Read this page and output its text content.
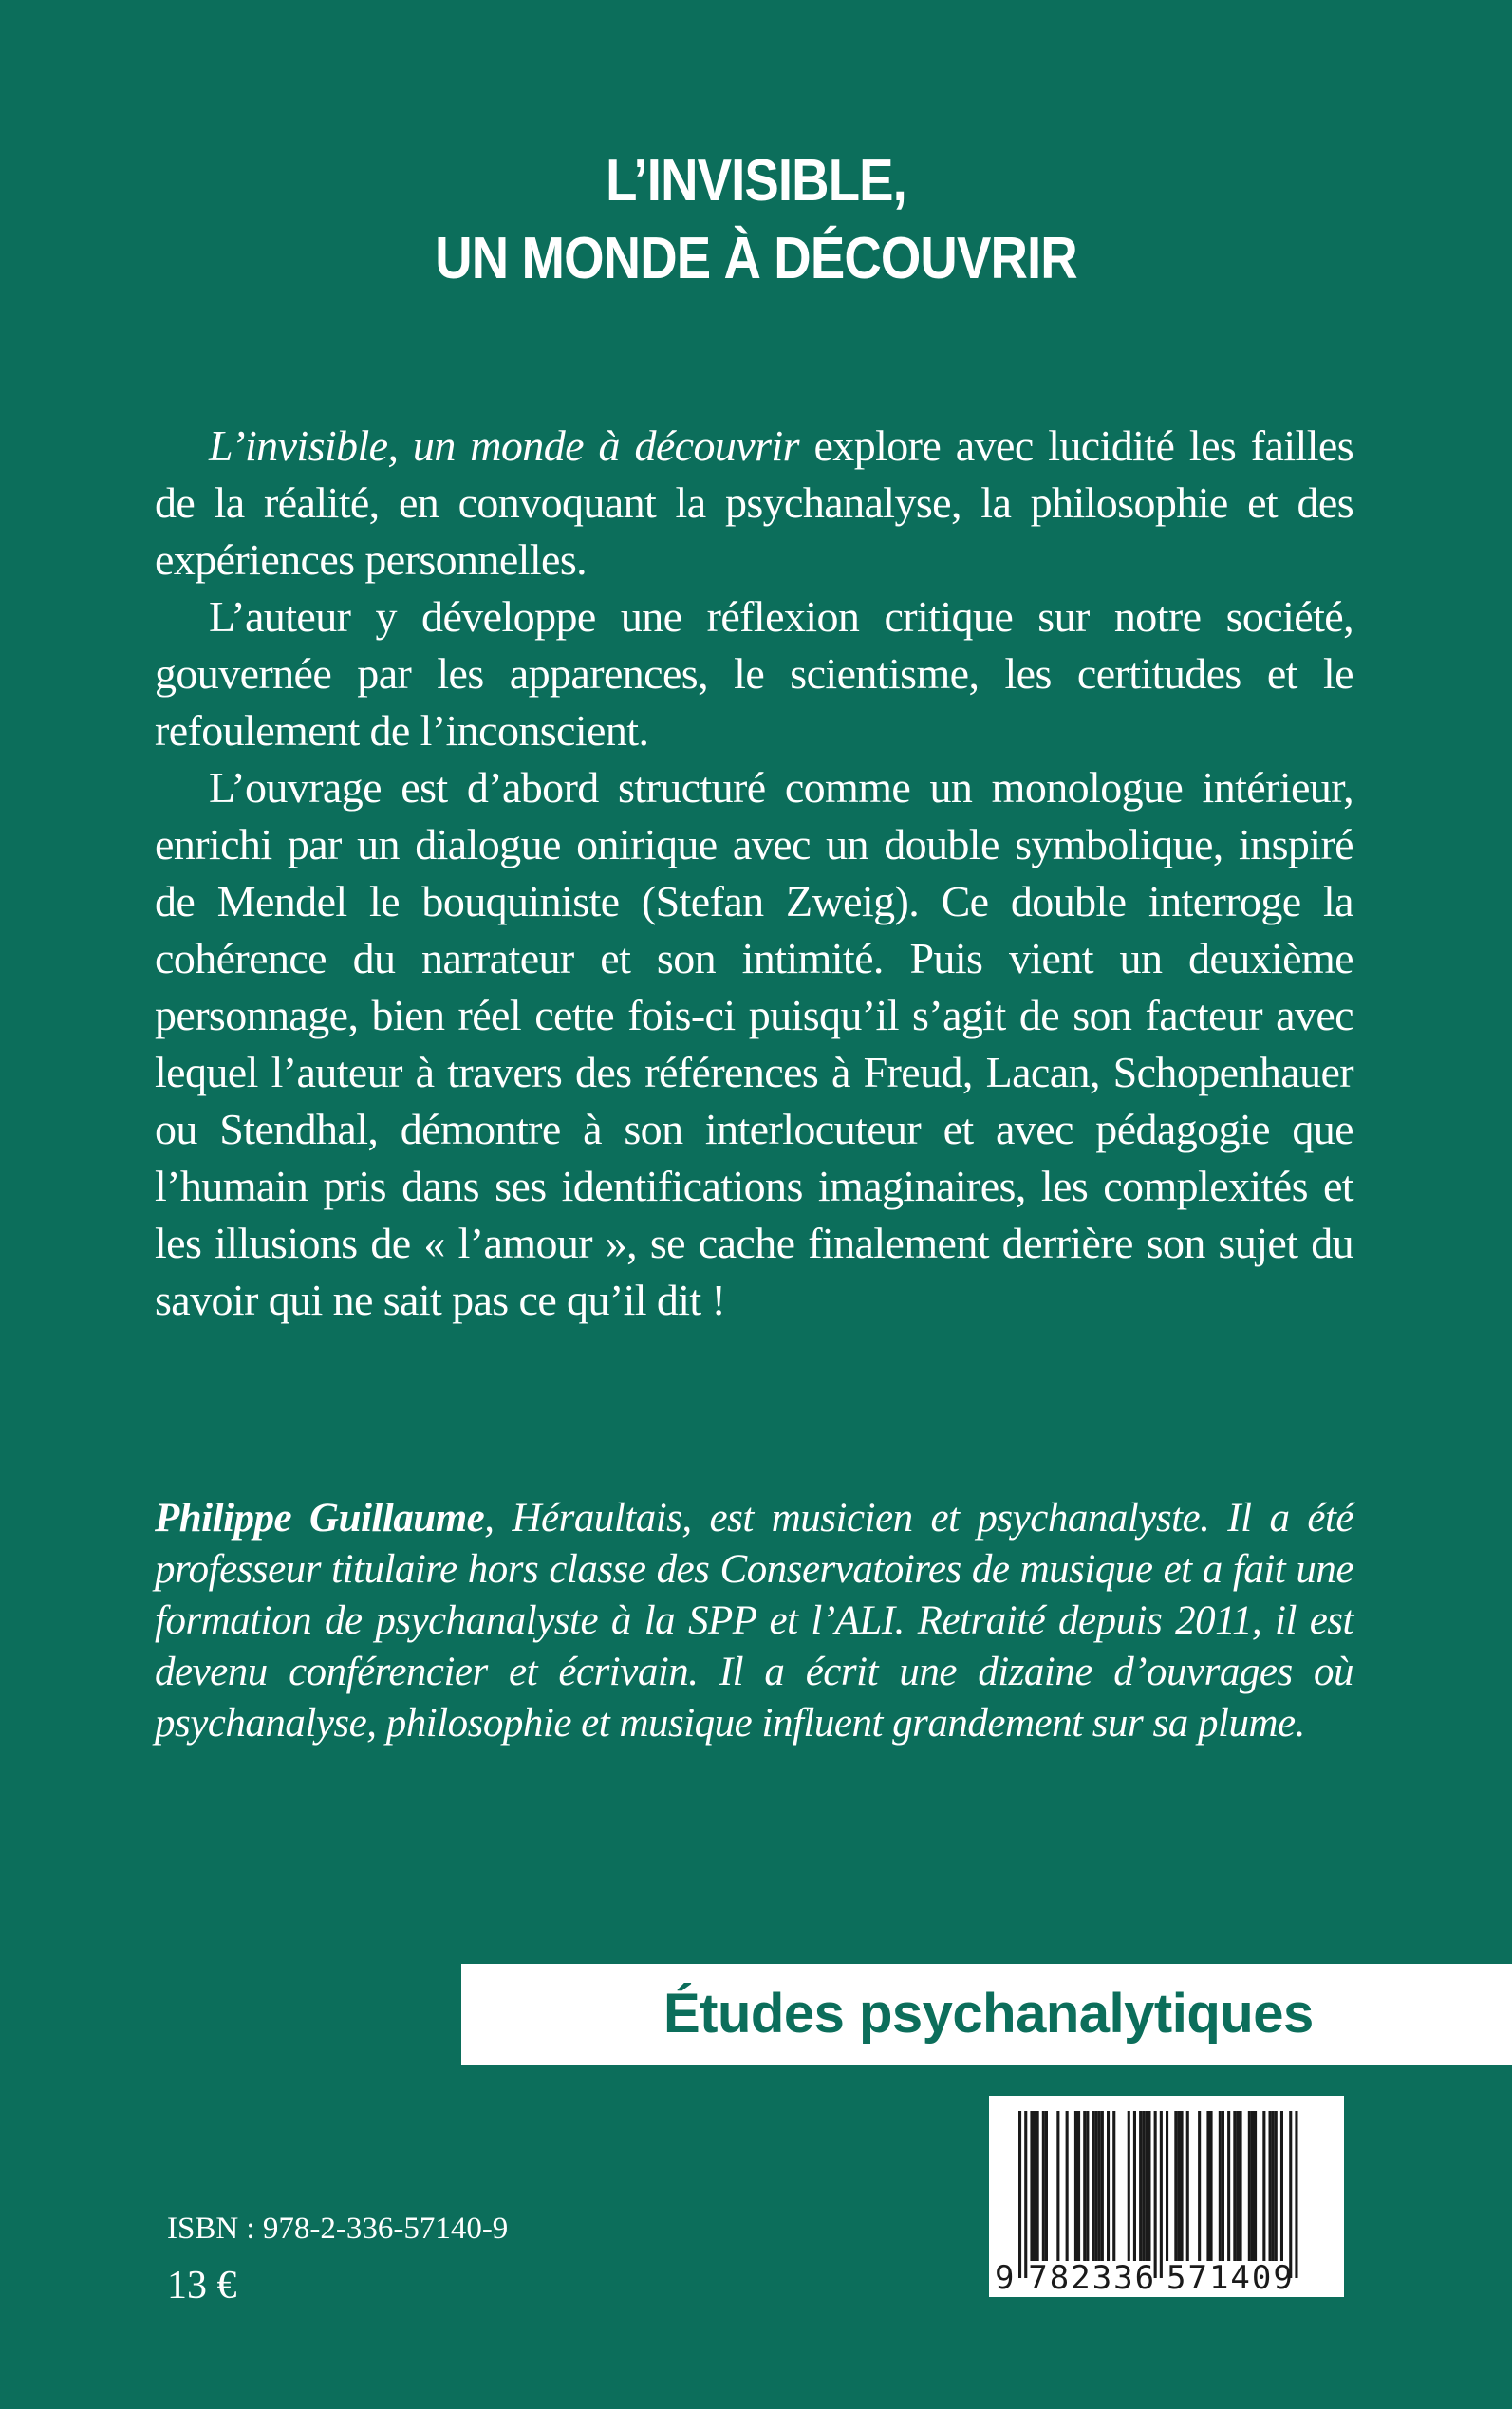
L’INVISIBLE,
UN MONDE À DÉCOUVRIR

L’invisible, un monde à découvrir explore avec lucidité les failles de la réalité, en convoquant la psychanalyse, la philosophie et des expériences personnelles.

L’auteur y développe une réflexion critique sur notre société, gouvernée par les apparences, le scientisme, les certitudes et le refoulement de l’inconscient.

L’ouvrage est d’abord structuré comme un monologue intérieur, enrichi par un dialogue onirique avec un double symbolique, inspiré de Mendel le bouquiniste (Stefan Zweig). Ce double interroge la cohérence du narrateur et son intimité. Puis vient un deuxième personnage, bien réel cette fois-ci puisqu’il s’agit de son facteur avec lequel l’auteur à travers des références à Freud, Lacan, Schopenhauer ou Stendhal, démontre à son interlocuteur et avec pédagogie que l’humain pris dans ses identifications imaginaires, les complexités et les illusions de « l’amour », se cache finalement derrière son sujet du savoir qui ne sait pas ce qu’il dit !

Philippe Guillaume, Héraultais, est musicien et psychanalyste. Il a été professeur titulaire hors classe des Conservatoires de musique et a fait une formation de psychanalyste à la SPP et l’ALI. Retraité depuis 2011, il est devenu conférencier et écrivain. Il a écrit une dizaine d’ouvrages où psychanalyse, philosophie et musique influent grandement sur sa plume.
Études psychanalytiques
9 782336 571409
ISBN : 978-2-336-57140-9
13 €
